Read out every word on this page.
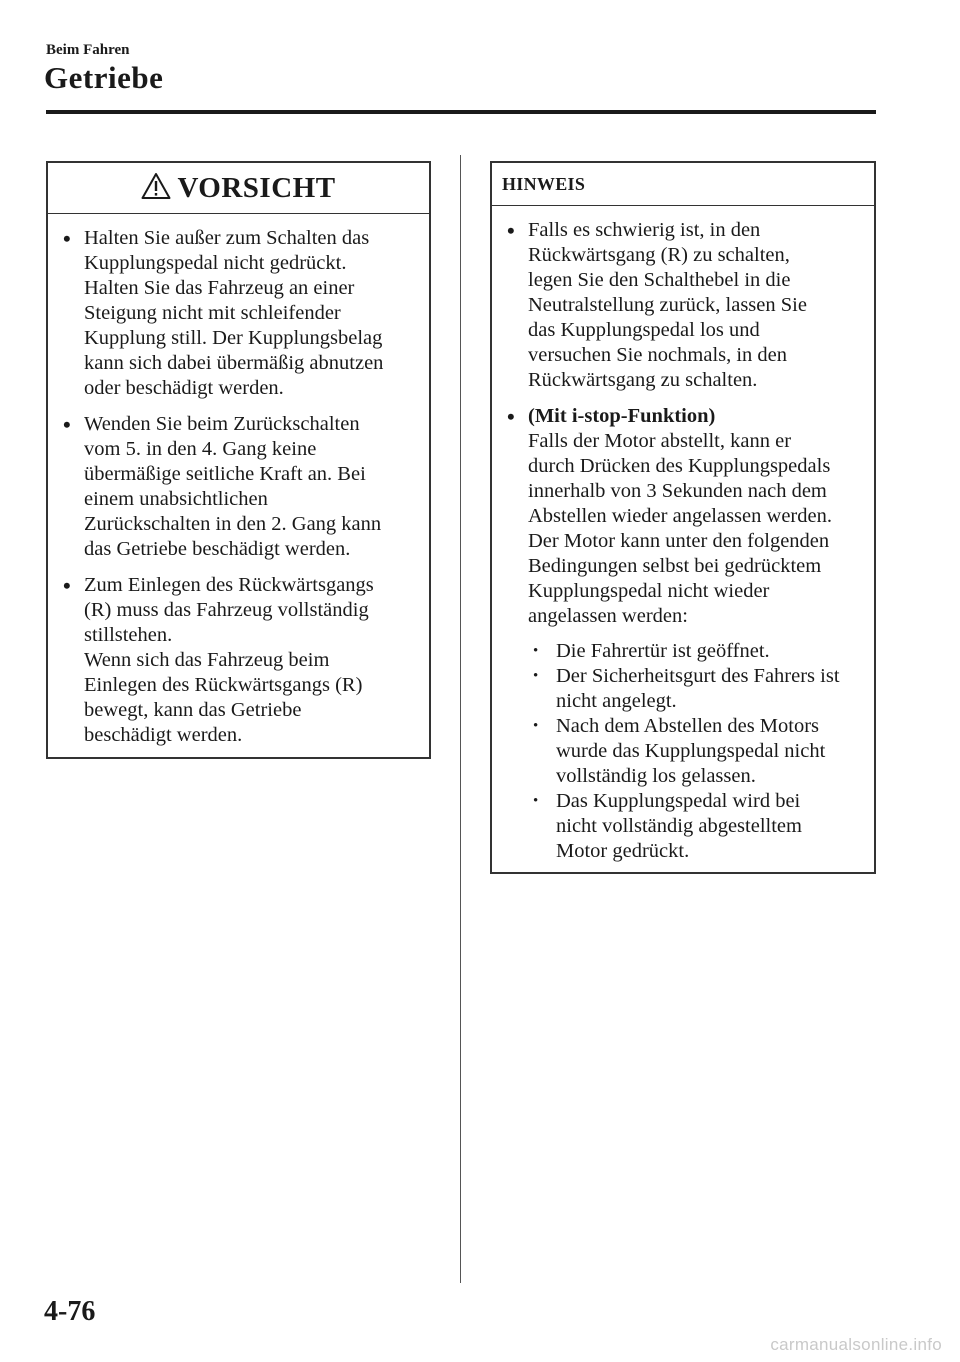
Beim Fahren
Getriebe
VORSICHT
• Halten Sie außer zum Schalten das
Kupplungspedal nicht gedrückt.
Halten Sie das Fahrzeug an einer
Steigung nicht mit schleifender
Kupplung still. Der Kupplungsbelag
kann sich dabei übermäßig abnutzen
oder beschädigt werden.
• Wenden Sie beim Zurückschalten
vom 5. in den 4. Gang keine
übermäßige seitliche Kraft an. Bei
einem unabsichtlichen
Zurückschalten in den 2. Gang kann
das Getriebe beschädigt werden.
• Zum Einlegen des Rückwärtsgangs
(R) muss das Fahrzeug vollständig
stillstehen.
Wenn sich das Fahrzeug beim
Einlegen des Rückwärtsgangs (R)
bewegt, kann das Getriebe
beschädigt werden.
HINWEIS
• Falls es schwierig ist, in den
Rückwärtsgang (R) zu schalten,
legen Sie den Schalthebel in die
Neutralstellung zurück, lassen Sie
das Kupplungspedal los und
versuchen Sie nochmals, in den
Rückwärtsgang zu schalten.
• (Mit i-stop-Funktion)
Falls der Motor abstellt, kann er
durch Drücken des Kupplungspedals
innerhalb von 3 Sekunden nach dem
Abstellen wieder angelassen werden.
Der Motor kann unter den folgenden
Bedingungen selbst bei gedrücktem
Kupplungspedal nicht wieder
angelassen werden:
• Die Fahrertür ist geöffnet.
• Der Sicherheitsgurt des Fahrers ist
nicht angelegt.
• Nach dem Abstellen des Motors
wurde das Kupplungspedal nicht
vollständig los gelassen.
• Das Kupplungspedal wird bei
nicht vollständig abgestelltem
Motor gedrückt.
4-76
carmanualsonline.info
